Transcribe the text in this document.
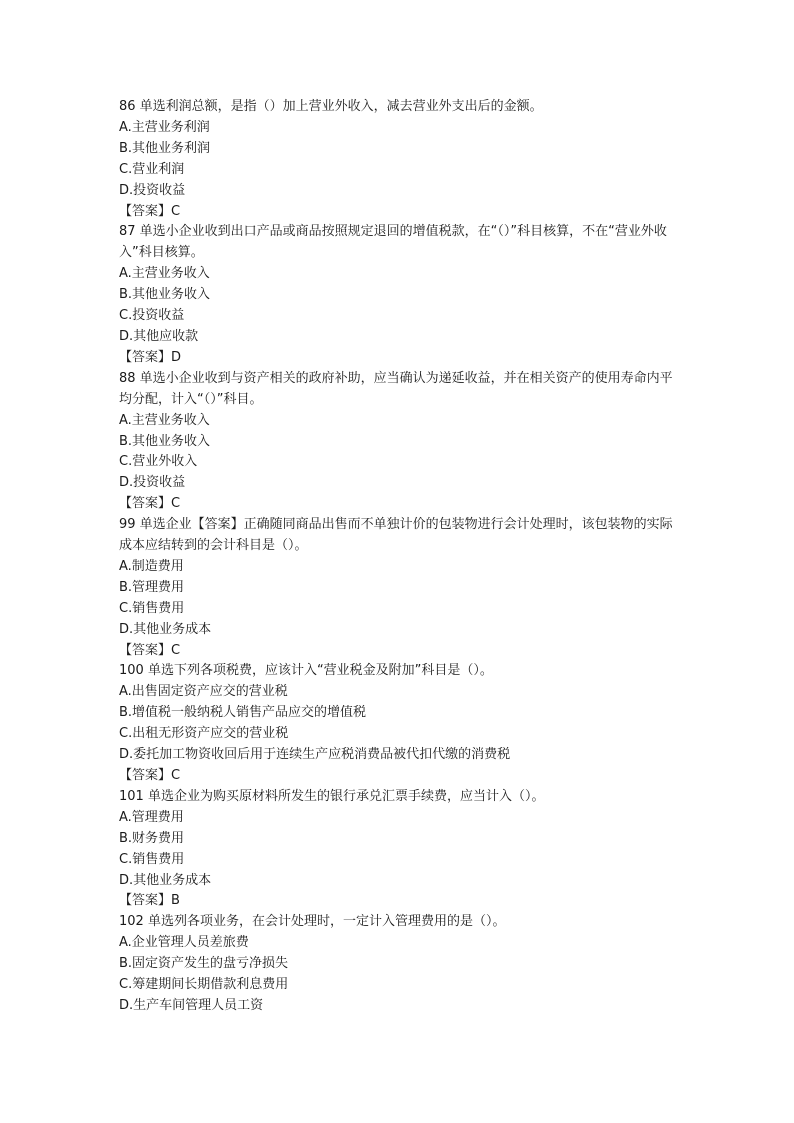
86 单选利润总额，是指（）加上营业外收入，减去营业外支出后的金额。

A.主营业务利润

B.其他业务利润

C.营业利润

D.投资收益

【答案】C

87 单选小企业收到出口产品或商品按照规定退回的增值税款，在“（）”科目核算，不在“营业外收入”科目核算。

A.主营业务收入

B.其他业务收入

C.投资收益

D.其他应收款

【答案】D

88 单选小企业收到与资产相关的政府补助，应当确认为递延收益，并在相关资产的使用寿命内平均分配，计入“（）”科目。

A.主营业务收入

B.其他业务收入

C.营业外收入

D.投资收益

【答案】C

99 单选企业【答案】正确随同商品出售而不单独计价的包装物进行会计处理时，该包装物的实际成本应结转到的会计科目是（）。

A.制造费用

B.管理费用

C.销售费用

D.其他业务成本

【答案】C

100 单选下列各项税费，应该计入“营业税金及附加”科目是（）。

A.出售固定资产应交的营业税

B.增值税一般纳税人销售产品应交的增值税

C.出租无形资产应交的营业税

D.委托加工物资收回后用于连续生产应税消费品被代扣代缴的消费税

【答案】C

101 单选企业为购买原材料所发生的银行承兑汇票手续费，应当计入（）。

A.管理费用

B.财务费用

C.销售费用

D.其他业务成本

【答案】B

102 单选列各项业务，在会计处理时，一定计入管理费用的是（）。

A.企业管理人员差旅费

B.固定资产发生的盘亏净损失

C.筹建期间长期借款利息费用

D.生产车间管理人员工资
